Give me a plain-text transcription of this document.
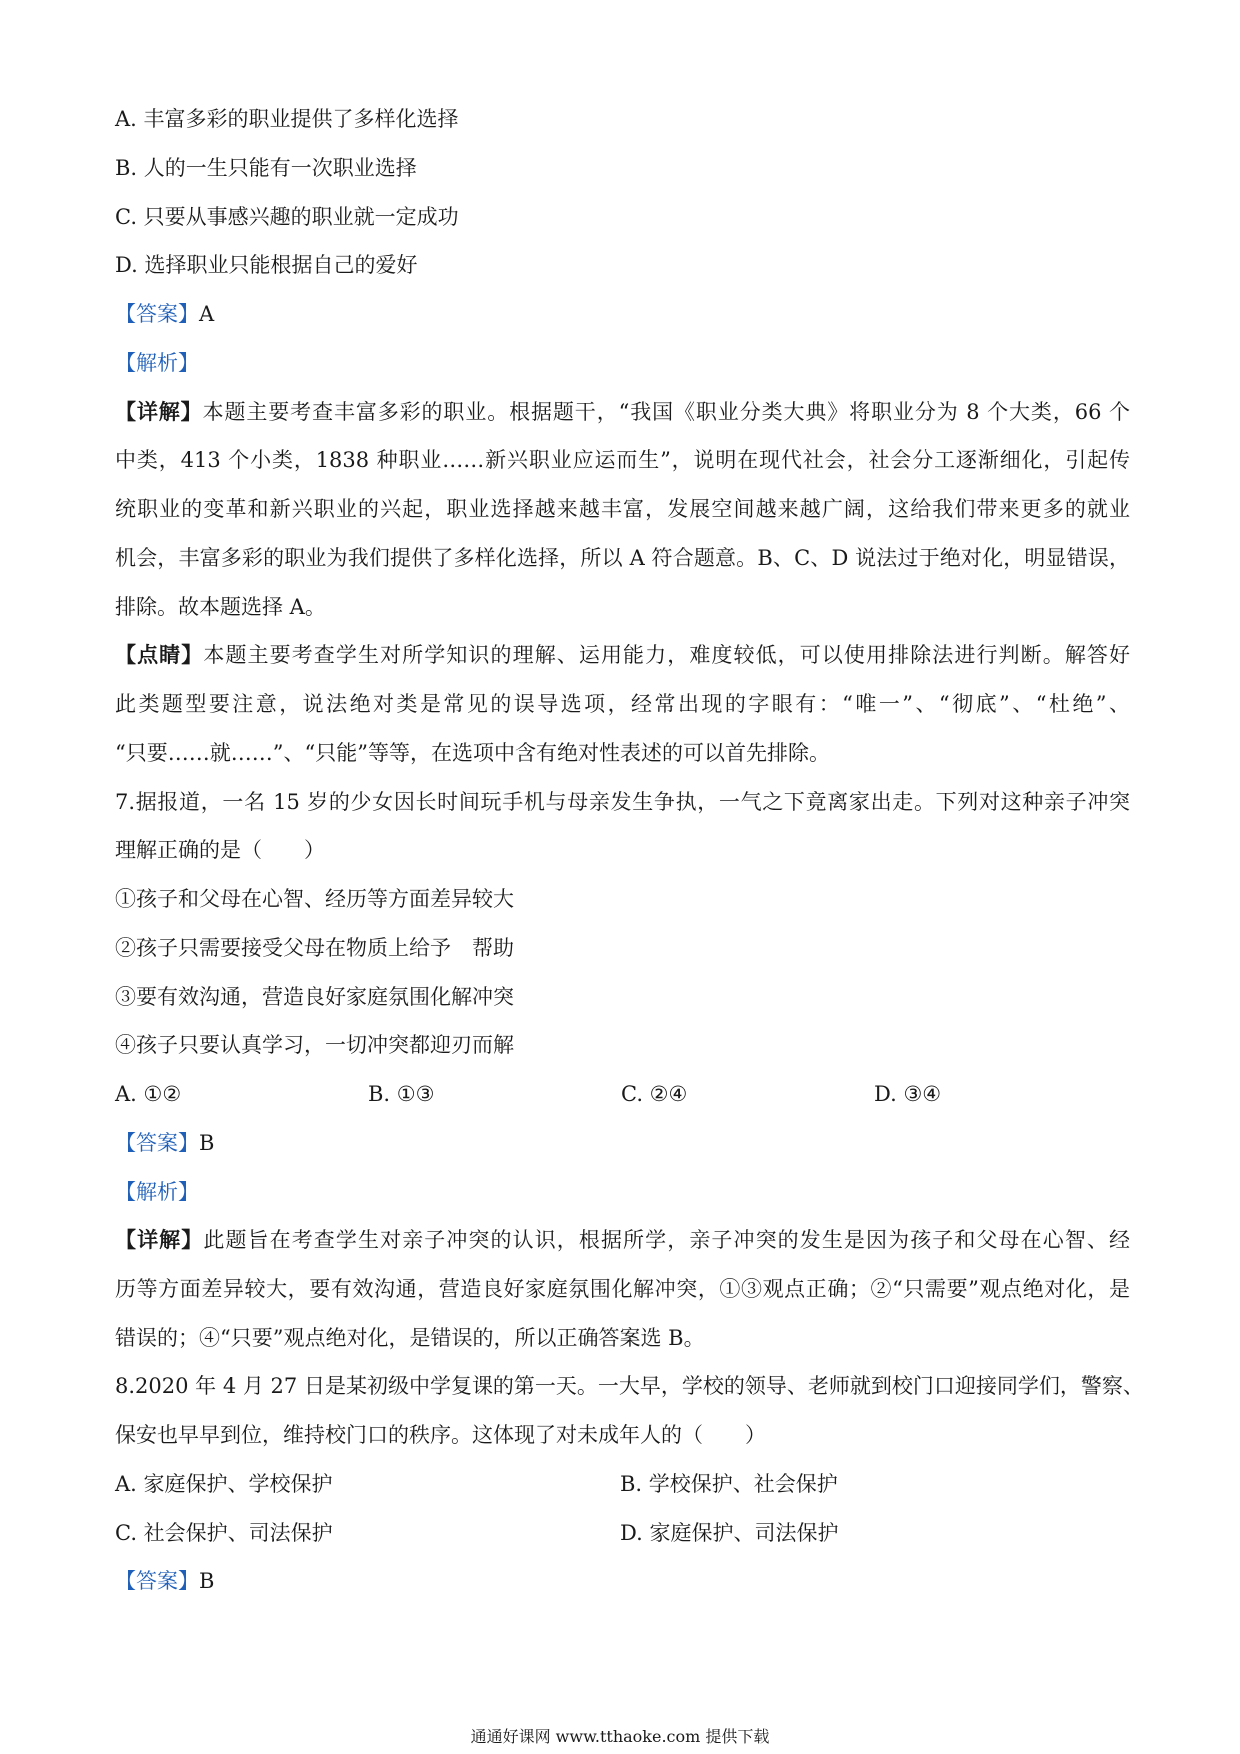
A. 丰富多彩的职业提供了多样化选择
B. 人的一生只能有一次职业选择
C. 只要从事感兴趣的职业就一定成功
D. 选择职业只能根据自己的爱好
【答案】A
【解析】
【详解】本题主要考查丰富多彩的职业。根据题干，“我国《职业分类大典》将职业分为 8 个大类，66 个
中类，413 个小类，1838 种职业……新兴职业应运而生”，说明在现代社会，社会分工逐渐细化，引起传
统职业的变革和新兴职业的兴起，职业选择越来越丰富，发展空间越来越广阔，这给我们带来更多的就业
机会，丰富多彩的职业为我们提供了多样化选择，所以 A 符合题意。B、C、D 说法过于绝对化，明显错误，
排除。故本题选择 A。
【点睛】本题主要考查学生对所学知识的理解、运用能力，难度较低，可以使用排除法进行判断。解答好
此类题型要注意，说法绝对类是常见的误导选项，经常出现的字眼有：“唯一”、“彻底”、“杜绝”、
“只要……就……”、“只能”等等，在选项中含有绝对性表述的可以首先排除。
7.据报道，一名 15 岁的少女因长时间玩手机与母亲发生争执，一气之下竟离家出走。下列对这种亲子冲突
理解正确的是（　　）
①孩子和父母在心智、经历等方面差异较大
②孩子只需要接受父母在物质上给予　帮助
③要有效沟通，营造良好家庭氛围化解冲突
④孩子只要认真学习，一切冲突都迎刃而解
A. ①②	B. ①③	C. ②④	D. ③④
【答案】B
【解析】
【详解】此题旨在考查学生对亲子冲突的认识，根据所学，亲子冲突的发生是因为孩子和父母在心智、经
历等方面差异较大，要有效沟通，营造良好家庭氛围化解冲突，①③观点正确；②“只需要”观点绝对化，是
错误的；④“只要”观点绝对化，是错误的，所以正确答案选 B。
8.2020 年 4 月 27 日是某初级中学复课的第一天。一大早，学校的领导、老师就到校门口迎接同学们，警察、
保安也早早到位，维持校门口的秩序。这体现了对未成年人的（　　）
A. 家庭保护、学校保护	B. 学校保护、社会保护
C. 社会保护、司法保护	D. 家庭保护、司法保护
【答案】B
通通好课网 www.tthaoke.com 提供下载
